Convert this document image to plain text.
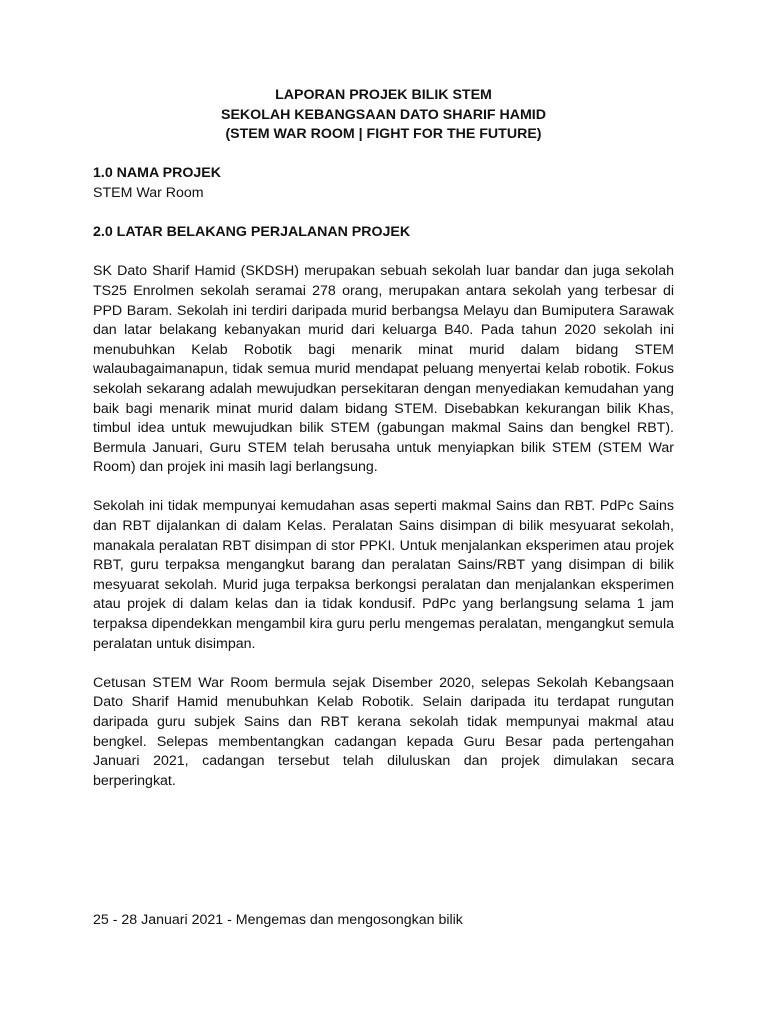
LAPORAN PROJEK BILIK STEM
SEKOLAH KEBANGSAAN DATO SHARIF HAMID
(STEM WAR ROOM | FIGHT FOR THE FUTURE)

1.0 NAMA PROJEK

STEM War Room

2.0 LATAR BELAKANG PERJALANAN PROJEK

SK Dato Sharif Hamid (SKDSH) merupakan sebuah sekolah luar bandar dan juga sekolah TS25 Enrolmen sekolah seramai 278 orang, merupakan antara sekolah yang terbesar di PPD Baram. Sekolah ini terdiri daripada murid berbangsa Melayu dan Bumiputera Sarawak dan latar belakang kebanyakan murid dari keluarga B40. Pada tahun 2020 sekolah ini menubuhkan Kelab Robotik bagi menarik minat murid dalam bidang STEM walaubagaimanapun, tidak semua murid mendapat peluang menyertai kelab robotik. Fokus sekolah sekarang adalah mewujudkan persekitaran dengan menyediakan kemudahan yang baik bagi menarik minat murid dalam bidang STEM. Disebabkan kekurangan bilik Khas, timbul idea untuk mewujudkan bilik STEM (gabungan makmal Sains dan bengkel RBT). Bermula Januari, Guru STEM telah berusaha untuk menyiapkan bilik STEM (STEM War Room) dan projek ini masih lagi berlangsung.

Sekolah ini tidak mempunyai kemudahan asas seperti makmal Sains dan RBT. PdPc Sains dan RBT dijalankan di dalam Kelas. Peralatan Sains disimpan di bilik mesyuarat sekolah, manakala peralatan RBT disimpan di stor PPKI. Untuk menjalankan eksperimen atau projek RBT, guru terpaksa mengangkut barang dan peralatan Sains/RBT yang disimpan di bilik mesyuarat sekolah. Murid juga terpaksa berkongsi peralatan dan menjalankan eksperimen atau projek di dalam kelas dan ia tidak kondusif. PdPc yang berlangsung selama 1 jam terpaksa dipendekkan mengambil kira guru perlu mengemas peralatan, mengangkut semula peralatan untuk disimpan.

Cetusan STEM War Room bermula sejak Disember 2020, selepas Sekolah Kebangsaan Dato Sharif Hamid menubuhkan Kelab Robotik. Selain daripada itu terdapat rungutan daripada guru subjek Sains dan RBT kerana sekolah tidak mempunyai makmal atau bengkel. Selepas membentangkan cadangan kepada Guru Besar pada pertengahan Januari 2021, cadangan tersebut telah diluluskan dan projek dimulakan secara berperingkat.

25 - 28 Januari 2021 - Mengemas dan mengosongkan bilik
